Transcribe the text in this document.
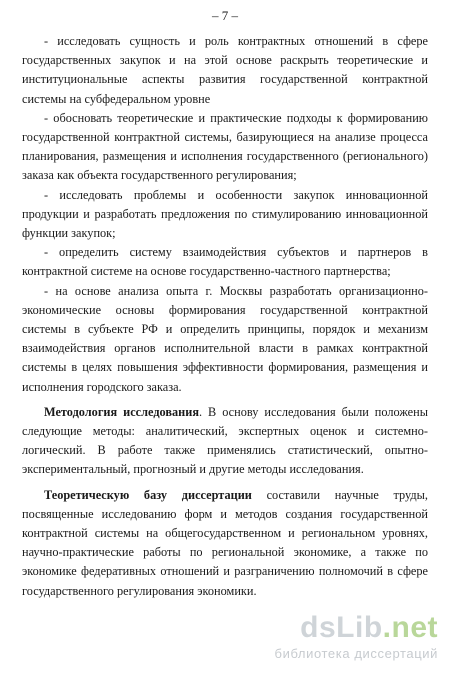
– 7 –

- исследовать сущность и роль контрактных отношений в сфере государственных закупок и на этой основе раскрыть теоретические и институциональные аспекты развития государственной контрактной системы на субфедеральном уровне

- обосновать теоретические и практические подходы к формированию государственной контрактной системы, базирующиеся на анализе процесса планирования, размещения и исполнения государственного (регионального) заказа как объекта государственного регулирования;

- исследовать проблемы и особенности закупок инновационной продукции и разработать предложения по стимулированию инновационной функции закупок;

- определить систему взаимодействия субъектов и партнеров в контрактной системе на основе государственно-частного партнерства;

- на основе анализа опыта г. Москвы разработать организационно-экономические основы формирования государственной контрактной системы в субъекте РФ и определить принципы, порядок и механизм взаимодействия органов исполнительной власти в рамках контрактной системы в целях повышения эффективности формирования, размещения и исполнения городского заказа.

Методология исследования. В основу исследования были положены следующие методы: аналитический, экспертных оценок и системно-логический. В работе также применялись статистический, опытно-экспериментальный, прогнозный и другие методы исследования.

Теоретическую базу диссертации составили научные труды, посвященные исследованию форм и методов создания государственной контрактной системы на общегосударственном и региональном уровнях, научно-практические работы по региональной экономике, а также по экономике федеративных отношений и разграничению полномочий в сфере государственного регулирования экономики.

dsLib.net
библиотека диссертаций
